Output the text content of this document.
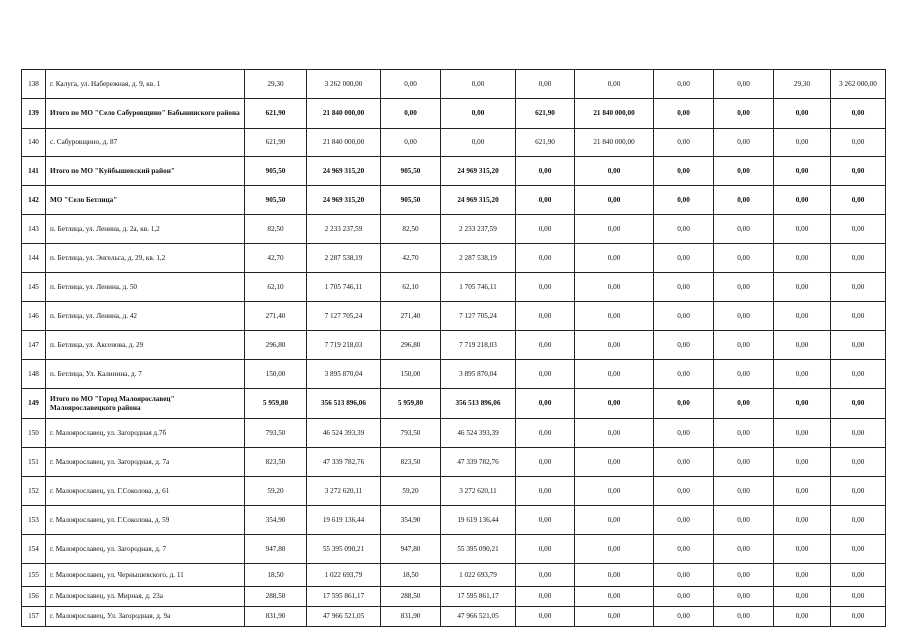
138	г. Калуга, ул. Набережная, д. 9, кв. 1	29,30	3 262 000,00	0,00	0,00	0,00	0,00	0,00	0,00	29,30	3 262 000,00
139	Итого по МО "Село Сабуровщино" Бабынинского района	621,90	21 840 000,00	0,00	0,00	621,90	21 840 000,00	0,00	0,00	0,00	0,00
140	с. Сабуровщино, д. 87	621,90	21 840 000,00	0,00	0,00	621,90	21 840 000,00	0,00	0,00	0,00	0,00
141	Итого по МО "Куйбышевский район"	905,50	24 969 315,20	905,50	24 969 315,20	0,00	0,00	0,00	0,00	0,00	0,00
142	МО "Село Бетлица"	905,50	24 969 315,20	905,50	24 969 315,20	0,00	0,00	0,00	0,00	0,00	0,00
143	п. Бетлица, ул. Ленина, д. 2а, кв. 1,2	82,50	2 233 237,59	82,50	2 233 237,59	0,00	0,00	0,00	0,00	0,00	0,00
144	п. Бетлица, ул. Энгельса, д. 29, кв. 1,2	42,70	2 287 538,19	42,70	2 287 538,19	0,00	0,00	0,00	0,00	0,00	0,00
145	п. Бетлица, ул. Ленина, д. 50	62,10	1 705 746,11	62,10	1 705 746,11	0,00	0,00	0,00	0,00	0,00	0,00
146	п. Бетлица, ул. Ленина, д. 42	271,40	7 127 705,24	271,40	7 127 705,24	0,00	0,00	0,00	0,00	0,00	0,00
147	п. Бетлица, ул. Аксенова, д. 29	296,80	7 719 218,03	296,80	7 719 218,03	0,00	0,00	0,00	0,00	0,00	0,00
148	п. Бетлица, Ул. Калинина, д. 7	150,00	3 895 870,04	150,00	3 895 870,04	0,00	0,00	0,00	0,00	0,00	0,00
149	Итого по МО "Город Малоярославец" Малоярославецкого района	5 959,80	356 513 896,06	5 959,80	356 513 896,06	0,00	0,00	0,00	0,00	0,00	0,00
150	г. Малоярославец, ул. Загородная д.7б	793,50	46 524 393,39	793,50	46 524 393,39	0,00	0,00	0,00	0,00	0,00	0,00
151	г. Малоярославец, ул. Загородная, д. 7а	823,50	47 339 782,76	823,50	47 339 782,76	0,00	0,00	0,00	0,00	0,00	0,00
152	г. Малоярославец, ул. Г.Соколова, д. 61	59,20	3 272 620,11	59,20	3 272 620,11	0,00	0,00	0,00	0,00	0,00	0,00
153	г. Малоярославец, ул. Г.Соколова, д. 59	354,90	19 619 136,44	354,90	19 619 136,44	0,00	0,00	0,00	0,00	0,00	0,00
154	г. Малоярославец, ул. Загородная, д. 7	947,80	55 395 090,21	947,80	55 395 090,21	0,00	0,00	0,00	0,00	0,00	0,00
155	г. Малоярославец, ул. Чернышевского, д. 11	18,50	1 022 693,79	18,50	1 022 693,79	0,00	0,00	0,00	0,00	0,00	0,00
156	г. Малоярославец, ул. Мирная, д. 23а	288,50	17 595 861,17	288,50	17 595 861,17	0,00	0,00	0,00	0,00	0,00	0,00
157	г. Малоярославец, Ул. Загородная, д. 9а	831,90	47 966 521,05	831,90	47 966 521,05	0,00	0,00	0,00	0,00	0,00	0,00
